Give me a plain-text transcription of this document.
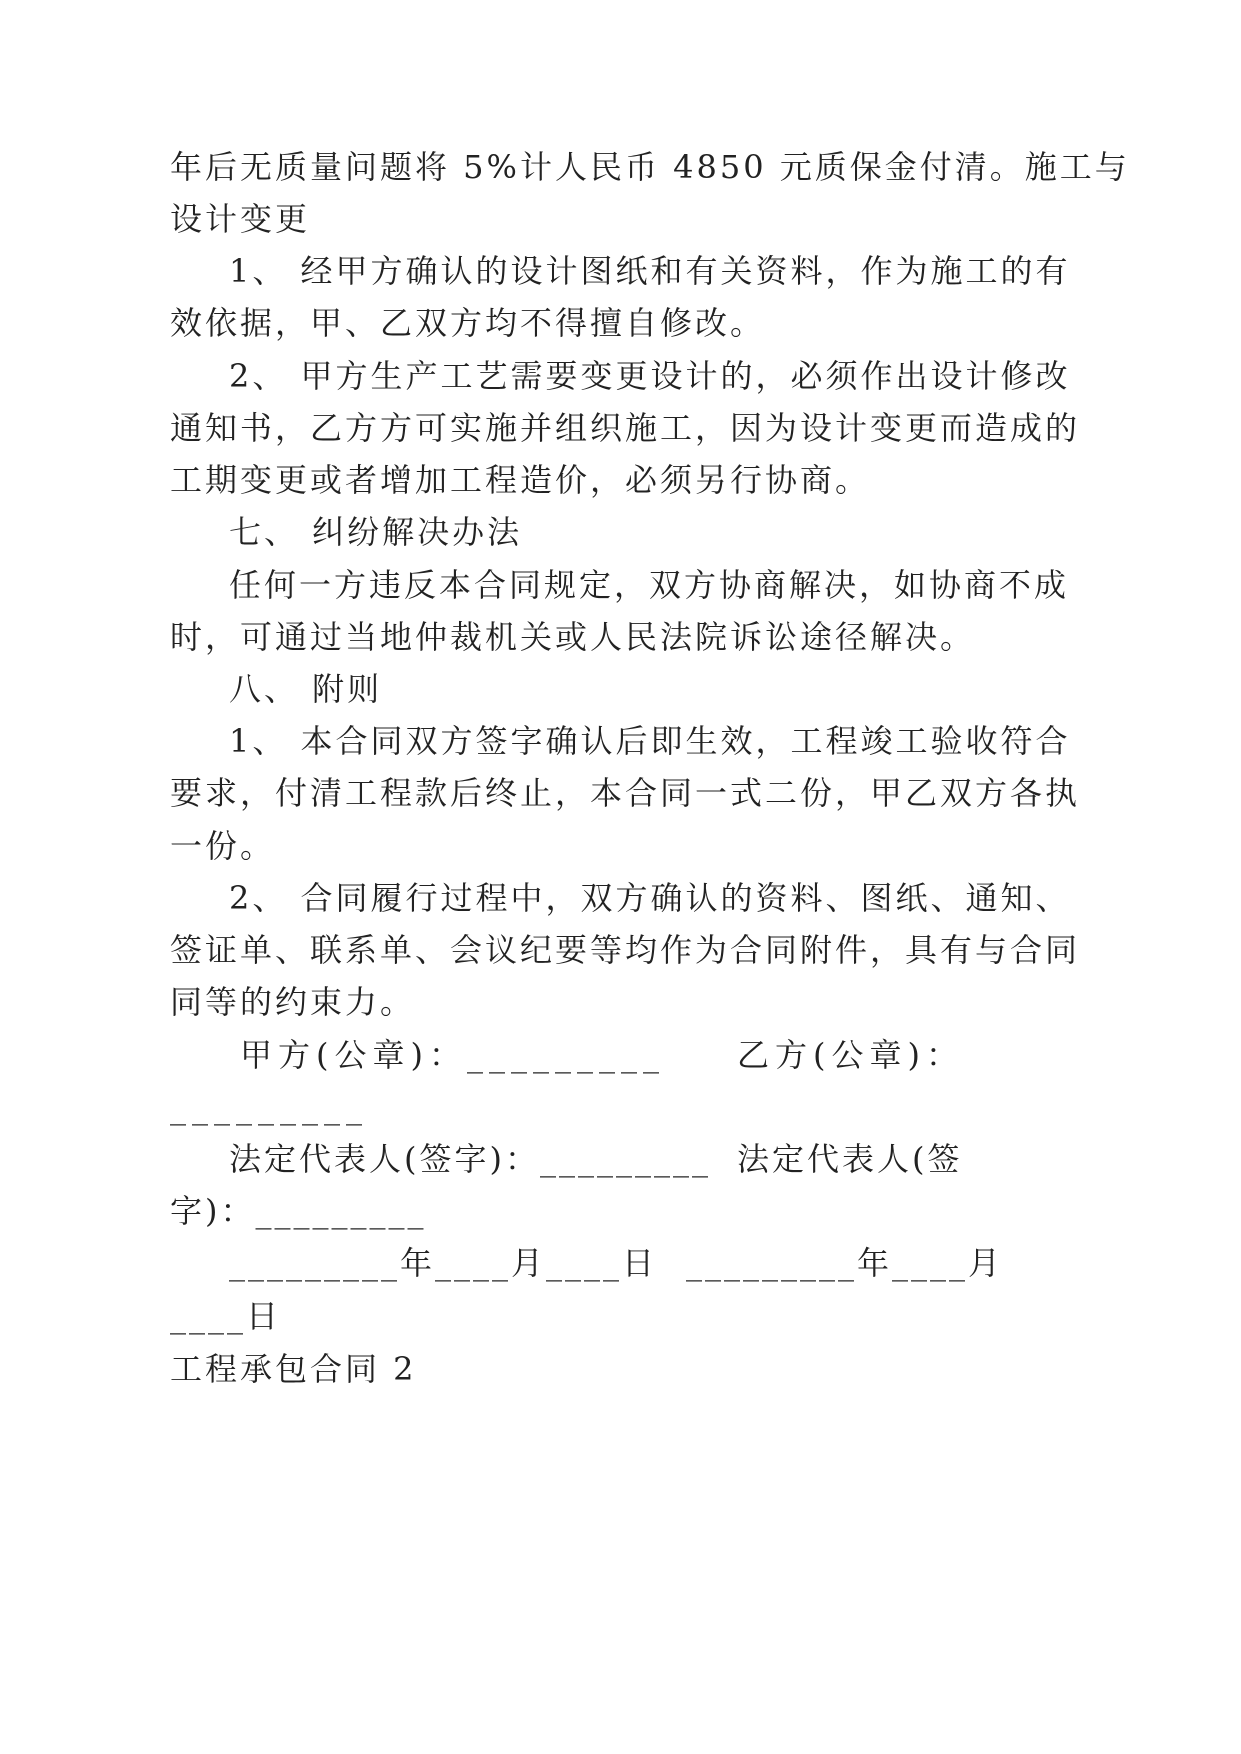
年后无质量问题将 5%计人民币 4850 元质保金付清。施工与
设计变更
1、 经甲方确认的设计图纸和有关资料，作为施工的有
效依据，甲、乙双方均不得擅自修改。
2、 甲方生产工艺需要变更设计的，必须作出设计修改
通知书，乙方方可实施并组织施工，因为设计变更而造成的
工期变更或者增加工程造价，必须另行协商。
七、 纠纷解决办法
任何一方违反本合同规定，双方协商解决，如协商不成
时，可通过当地仲裁机关或人民法院诉讼途径解决。
八、 附则
1、 本合同双方签字确认后即生效，工程竣工验收符合
要求，付清工程款后终止，本合同一式二份，甲乙双方各执
一份。
2、 合同履行过程中，双方确认的资料、图纸、通知、
签证单、联系单、会议纪要等均作为合同附件，具有与合同
同等的约束力。
甲方(公章)：_________ 乙方(公章)：
_________
法定代表人(签字)：_________ 法定代表人(签
字)：_________
_________年____月____日 _________年____月
____日
工程承包合同 2
